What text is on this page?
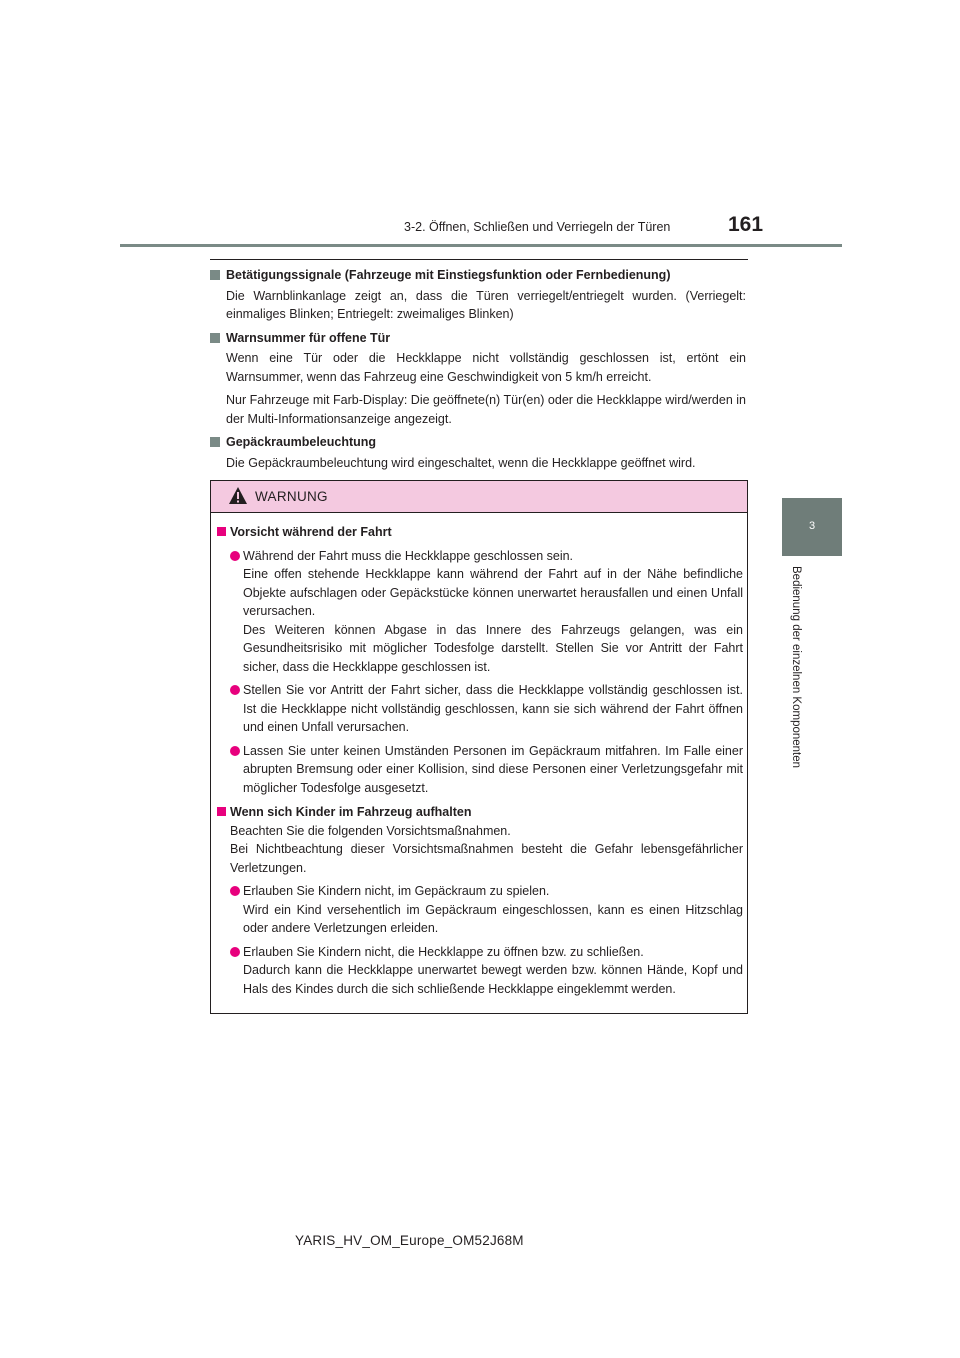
3-2. Öffnen, Schließen und Verriegeln der Türen	161
3
Bedienung der einzelnen Komponenten
Betätigungssignale (Fahrzeuge mit Einstiegsfunktion oder Fernbedienung)
Die Warnblinkanlage zeigt an, dass die Türen verriegelt/entriegelt wurden. (Verriegelt: einmaliges Blinken; Entriegelt: zweimaliges Blinken)
Warnsummer für offene Tür
Wenn eine Tür oder die Heckklappe nicht vollständig geschlossen ist, ertönt ein Warnsummer, wenn das Fahrzeug eine Geschwindigkeit von 5 km/h erreicht.
Nur Fahrzeuge mit Farb-Display: Die geöffnete(n) Tür(en) oder die Heckklappe wird/werden in der Multi-Informationsanzeige angezeigt.
Gepäckraumbeleuchtung
Die Gepäckraumbeleuchtung wird eingeschaltet, wenn die Heckklappe geöffnet wird.
WARNUNG
Vorsicht während der Fahrt
Während der Fahrt muss die Heckklappe geschlossen sein.
Eine offen stehende Heckklappe kann während der Fahrt auf in der Nähe befindliche Objekte aufschlagen oder Gepäckstücke können unerwartet herausfallen und einen Unfall verursachen.
Des Weiteren können Abgase in das Innere des Fahrzeugs gelangen, was ein Gesundheitsrisiko mit möglicher Todesfolge darstellt. Stellen Sie vor Antritt der Fahrt sicher, dass die Heckklappe geschlossen ist.
Stellen Sie vor Antritt der Fahrt sicher, dass die Heckklappe vollständig geschlossen ist. Ist die Heckklappe nicht vollständig geschlossen, kann sie sich während der Fahrt öffnen und einen Unfall verursachen.
Lassen Sie unter keinen Umständen Personen im Gepäckraum mitfahren. Im Falle einer abrupten Bremsung oder einer Kollision, sind diese Personen einer Verletzungsgefahr mit möglicher Todesfolge ausgesetzt.
Wenn sich Kinder im Fahrzeug aufhalten
Beachten Sie die folgenden Vorsichtsmaßnahmen.
Bei Nichtbeachtung dieser Vorsichtsmaßnahmen besteht die Gefahr lebensgefährlicher Verletzungen.
Erlauben Sie Kindern nicht, im Gepäckraum zu spielen.
Wird ein Kind versehentlich im Gepäckraum eingeschlossen, kann es einen Hitzschlag oder andere Verletzungen erleiden.
Erlauben Sie Kindern nicht, die Heckklappe zu öffnen bzw. zu schließen.
Dadurch kann die Heckklappe unerwartet bewegt werden bzw. können Hände, Kopf und Hals des Kindes durch die sich schließende Heckklappe eingeklemmt werden.
YARIS_HV_OM_Europe_OM52J68M
